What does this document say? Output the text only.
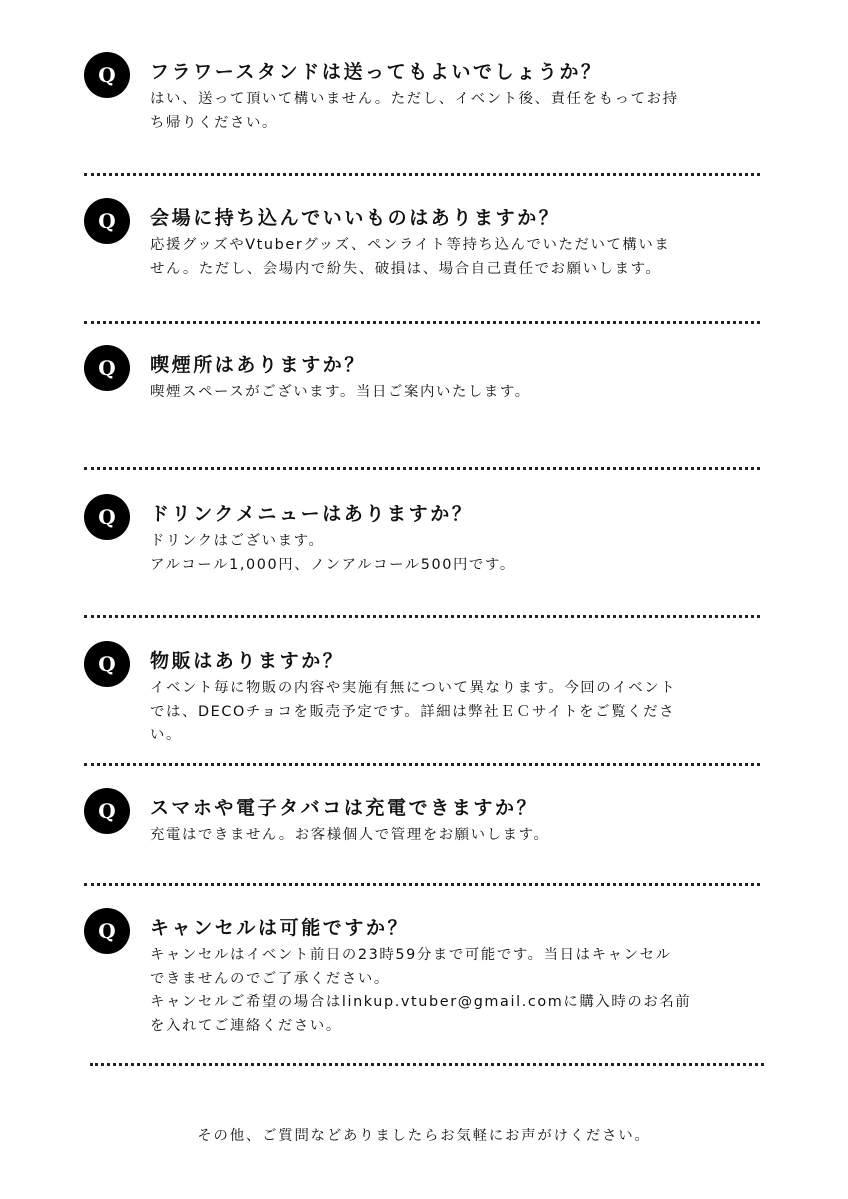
Q	フラワースタンドは送ってもよいでしょうか？
はい、送って頂いて構いません。ただし、イベント後、責任をもってお持
ち帰りください。
Q	会場に持ち込んでいいものはありますか？
応援グッズやVtuberグッズ、ペンライト等持ち込んでいただいて構いま
せん。ただし、会場内で紛失、破損は、場合自己責任でお願いします。
Q	喫煙所はありますか？
喫煙スペースがございます。当日ご案内いたします。
Q	ドリンクメニューはありますか？
ドリンクはございます。
アルコール1,000円、ノンアルコール500円です。
Q	物販はありますか？
イベント毎に物販の内容や実施有無について異なります。今回のイベント
では、DECOチョコを販売予定です。詳細は弊社ＥＣサイトをご覧くださ
い。
Q	スマホや電子タバコは充電できますか？
充電はできません。お客様個人で管理をお願いします。
Q	キャンセルは可能ですか？
キャンセルはイベント前日の23時59分まで可能です。当日はキャンセル
できませんのでご了承ください。
キャンセルご希望の場合はlinkup.vtuber@gmail.comに購入時のお名前
を入れてご連絡ください。
その他、ご質問などありましたらお気軽にお声がけください。
